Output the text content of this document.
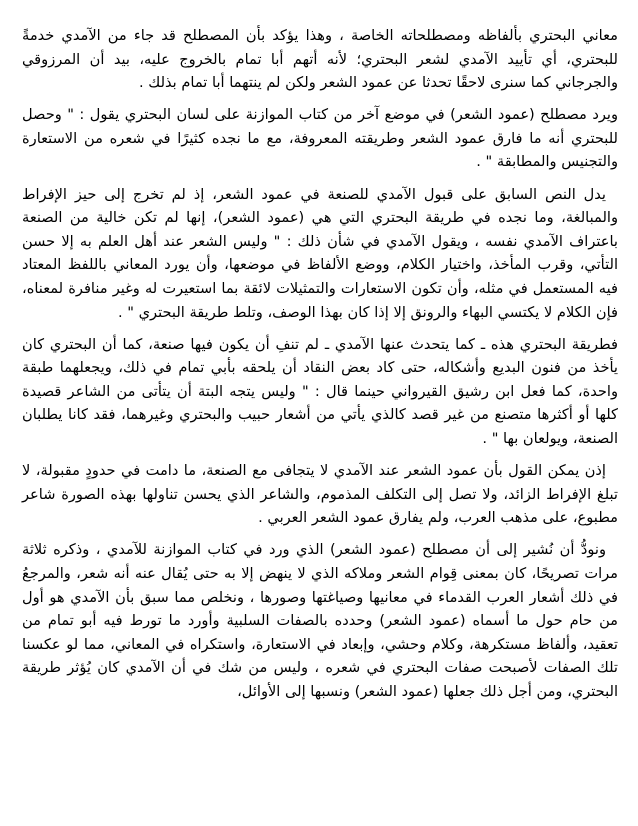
معاني البحتري بألفاظه ومصطلحاته الخاصة ، وهذا يؤكد بأن المصطلح قد جاء من الآمدي خدمةً للبحتري، أي تأييد الآمدي لشعر البحتري؛ لأنه أتهم أبا تمام بالخروج عليه، بيد أن المرزوقي والجرجاني كما سنرى لاحقًا تحدثا عن عمود الشعر ولكن لم ينتهما أبا تمام بذلك .

ويرد مصطلح (عمود الشعر) في موضع آخر من كتاب الموازنة على لسان البحتري يقول : " وحصل للبحتري أنه ما فارق عمود الشعر وطريقته المعروفة، مع ما نجده كثيرًا في شعره من الاستعارة والتجنيس والمطابقة " .

يدل النص السابق على قبول الآمدي للصنعة في عمود الشعر، إذ لم تخرج إلى حيز الإفراط والمبالغة، وما نجده في طريقة البحتري التي هي (عمود الشعر)، إنها لم تكن خالية من الصنعة باعتراف الآمدي نفسه ، ويقول الآمدي في شأن ذلك : " وليس الشعر عند أهل العلم به إلا حسن التأتي، وقرب المأخذ، واختيار الكلام، ووضع الألفاظ في موضعها، وأن يورد المعاني باللفظ المعتاد فيه المستعمل في مثله، وأن تكون الاستعارات والتمثيلات لائقة بما استعيرت له وغير منافرة لمعناه، فإن الكلام لا يكتسي البهاء والرونق إلا إذا كان بهذا الوصف، وتلط طريقة البحتري " .

فطريقة البحتري هذه ـ كما يتحدث عنها الآمدي ـ لم تنفِ أن يكون فيها صنعة، كما أن البحتري كان يأخذ من فنون البديع وأشكاله، حتى كاد بعض النقاد أن يلحقه بأبي تمام في ذلك، ويجعلهما طبقة واحدة، كما فعل ابن رشيق القيرواني حينما قال : " وليس يتجه البتة أن يتأتى من الشاعر قصيدة كلها أو أكثرها متصنع من غير قصد كالذي يأتي من أشعار حبيب والبحتري وغيرهما، فقد كانا يطلبان الصنعة، ويولعان بها " .

إذن يمكن القول بأن عمود الشعر عند الآمدي لا يتجافى مع الصنعة، ما دامت في حدودٍ مقبولة، لا تبلغ الإفراط الزائد، ولا تصل إلى التكلف المذموم، والشاعر الذي يحسن تناولها بهذه الصورة شاعر مطبوع، على مذهب العرب، ولم يفارق عمود الشعر العربي .

ونودُّ أن نُشير إلى أن مصطلح (عمود الشعر) الذي ورد في كتاب الموازنة للآمدي ، وذكره ثلاثة مرات تصريحًا، كان بمعنى قِوام الشعر وملاكه الذي لا ينهض إلا به حتى يُقال عنه أنه شعر، والمرجعُ في ذلك أشعار العرب القدماء في معانيها وصياغتها وصورها ، ونخلص مما سبق بأن الآمدي هو أول من حام حول ما أسماه (عمود الشعر) وحدده بالصفات السلبية وأورد ما تورط فيه أبو تمام من تعقيد، وألفاظ مستكرهة، وكلام وحشي، وإبعاد في الاستعارة، واستكراه في المعاني، مما لو عكسنا تلك الصفات لأصبحت صفات البحتري في شعره ، وليس من شك في أن الآمدي كان يُؤثر طريقة البحتري، ومن أجل ذلك جعلها (عمود الشعر) ونسبها إلى الأوائل،
